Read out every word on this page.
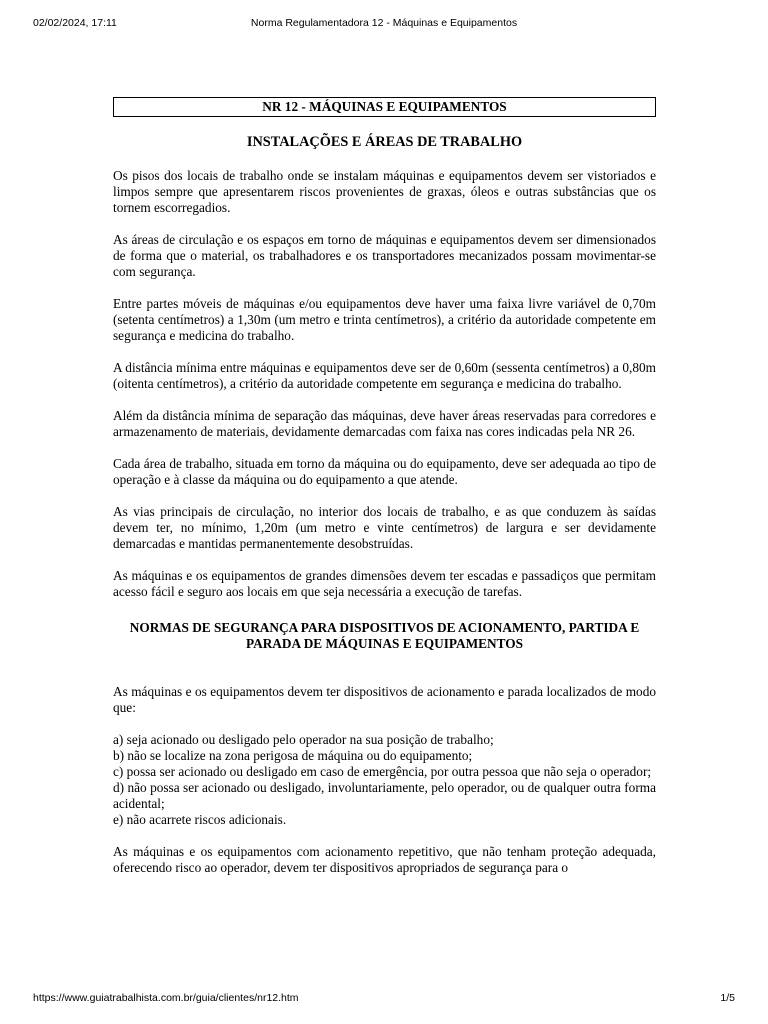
02/02/2024, 17:11	Norma Regulamentadora 12 - Máquinas e Equipamentos
NR 12 - MÁQUINAS E EQUIPAMENTOS
INSTALAÇÕES E ÁREAS DE TRABALHO

Os pisos dos locais de trabalho onde se instalam máquinas e equipamentos devem ser vistoriados e limpos sempre que apresentarem riscos provenientes de graxas, óleos e outras substâncias que os tornem escorregadios.

As áreas de circulação e os espaços em torno de máquinas e equipamentos devem ser dimensionados de forma que o material, os trabalhadores e os transportadores mecanizados possam movimentar-se com segurança.

Entre partes móveis de máquinas e/ou equipamentos deve haver uma faixa livre variável de 0,70m (setenta centímetros) a 1,30m (um metro e trinta centímetros), a critério da autoridade competente em segurança e medicina do trabalho.

A distância mínima entre máquinas e equipamentos deve ser de 0,60m (sessenta centímetros) a 0,80m (oitenta centímetros), a critério da autoridade competente em segurança e medicina do trabalho.

Além da distância mínima de separação das máquinas, deve haver áreas reservadas para corredores e armazenamento de materiais, devidamente demarcadas com faixa nas cores indicadas pela NR 26.

Cada área de trabalho, situada em torno da máquina ou do equipamento, deve ser adequada ao tipo de operação e à classe da máquina ou do equipamento a que atende.

As vias principais de circulação, no interior dos locais de trabalho, e as que conduzem às saídas devem ter, no mínimo, 1,20m (um metro e vinte centímetros) de largura e ser devidamente demarcadas e mantidas permanentemente desobstruídas.

As máquinas e os equipamentos de grandes dimensões devem ter escadas e passadiços que permitam acesso fácil e seguro aos locais em que seja necessária a execução de tarefas.

NORMAS DE SEGURANÇA PARA DISPOSITIVOS DE ACIONAMENTO, PARTIDA E PARADA DE MÁQUINAS E EQUIPAMENTOS

As máquinas e os equipamentos devem ter dispositivos de acionamento e parada localizados de modo que:

a) seja acionado ou desligado pelo operador na sua posição de trabalho;
b) não se localize na zona perigosa de máquina ou do equipamento;
c) possa ser acionado ou desligado em caso de emergência, por outra pessoa que não seja o operador;
d) não possa ser acionado ou desligado, involuntariamente, pelo operador, ou de qualquer outra forma acidental;
e) não acarrete riscos adicionais.

As máquinas e os equipamentos com acionamento repetitivo, que não tenham proteção adequada, oferecendo risco ao operador, devem ter dispositivos apropriados de segurança para o

https://www.guiatrabalhista.com.br/guia/clientes/nr12.htm	1/5
